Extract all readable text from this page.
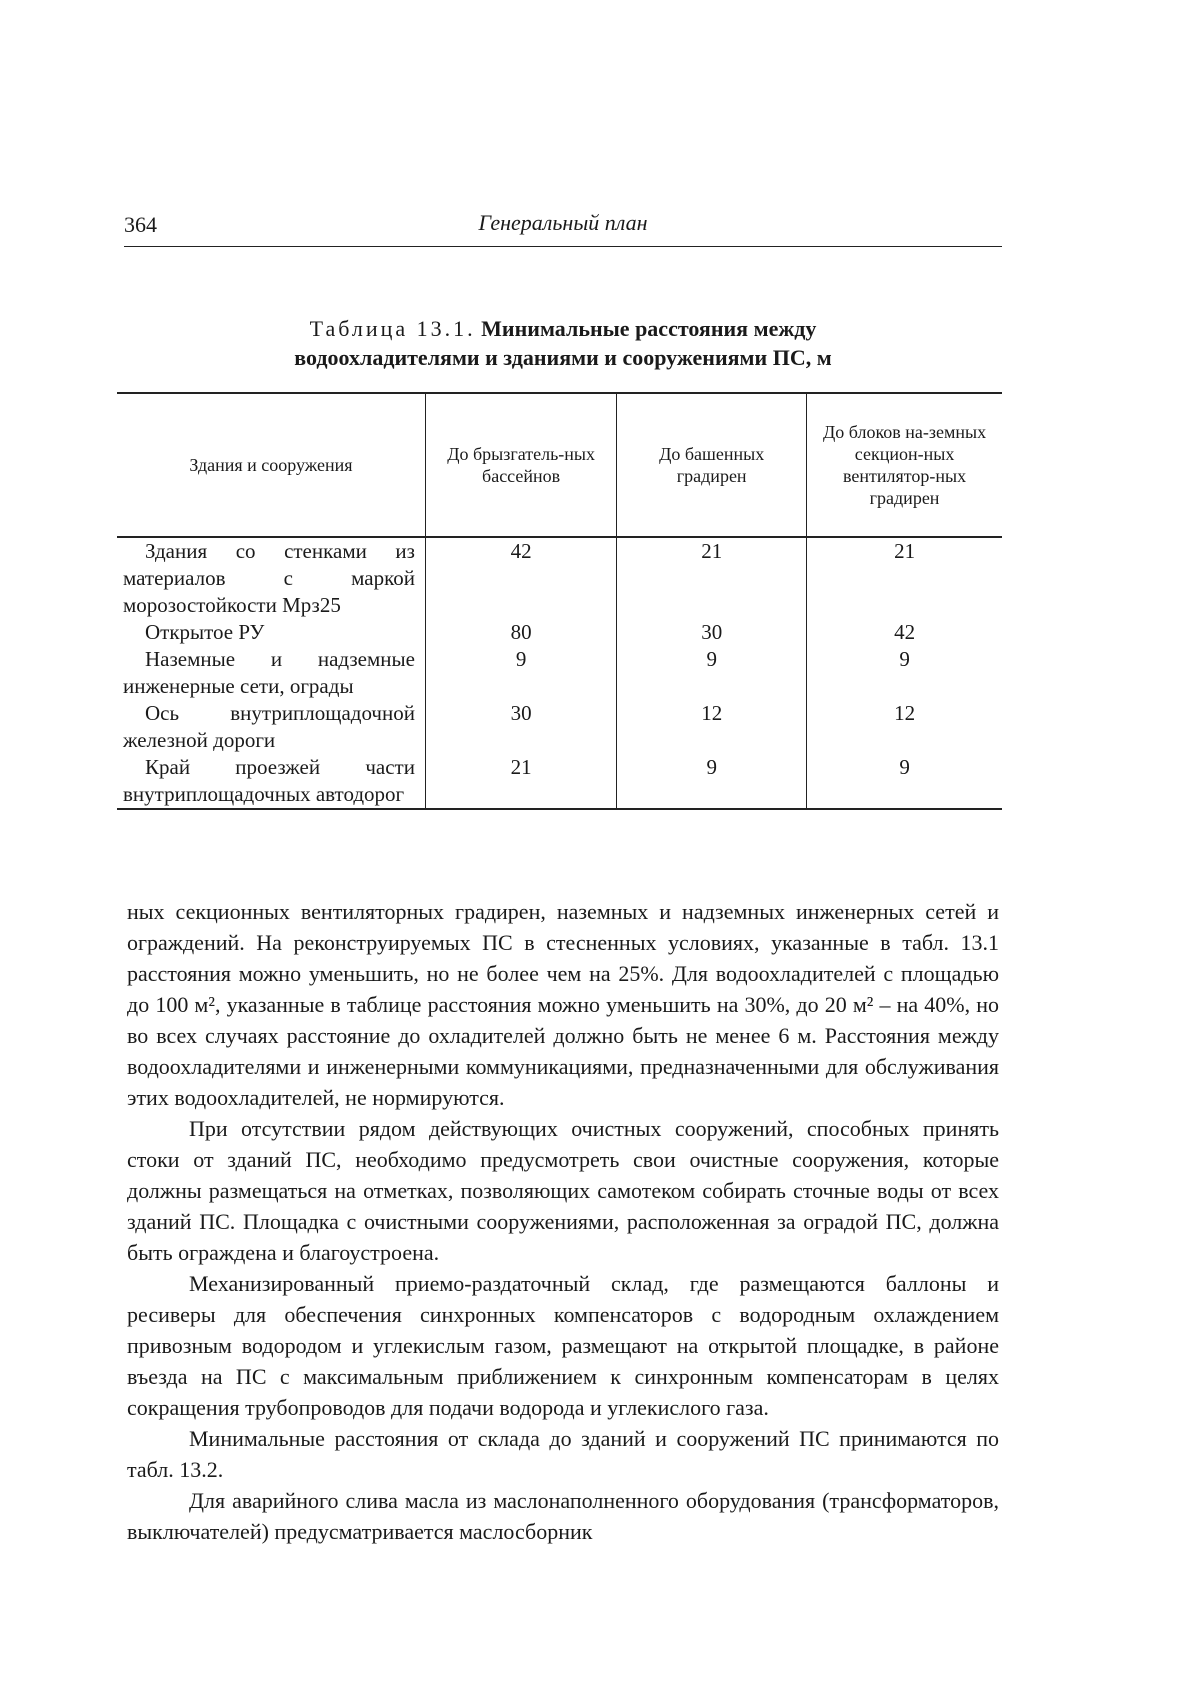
364	Генеральный план
Таблица 13.1. Минимальные расстояния между
водоохладителями и зданиями и сооружениями ПС, м
Здания и сооружения	До брызгатель-ных бассейнов	До башенных градирен	До блоков на-земных секцион-ных вентилятор-ных градирен
Здания со стенками из материалов с маркой морозостойкости Мрз25	42	21	21
Открытое РУ	80	30	42
Наземные и надземные инженерные сети, ограды	9	9	9
Ось внутриплощадочной железной дороги	30	12	12
Край проезжей части внутриплощадочных автодорог	21	9	9

ных секционных вентиляторных градирен, наземных и надземных инженерных сетей и ограждений. На реконструируемых ПС в стесненных условиях, указанные в табл. 13.1 расстояния можно уменьшить, но не более чем на 25%. Для водоохладителей с площадью до 100 м², указанные в таблице расстояния можно уменьшить на 30%, до 20 м² – на 40%, но во всех случаях расстояние до охладителей должно быть не менее 6 м. Расстояния между водоохладителями и инженерными коммуникациями, предназначенными для обслуживания этих водоохладителей, не нормируются.

При отсутствии рядом действующих очистных сооружений, способных принять стоки от зданий ПС, необходимо предусмотреть свои очистные сооружения, которые должны размещаться на отметках, позволяющих самотеком собирать сточные воды от всех зданий ПС. Площадка с очистными сооружениями, расположенная за оградой ПС, должна быть ограждена и благоустроена.

Механизированный приемо-раздаточный склад, где размещаются баллоны и ресиверы для обеспечения синхронных компенсаторов с водородным охлаждением привозным водородом и углекислым газом, размещают на открытой площадке, в районе въезда на ПС с максимальным приближением к синхронным компенсаторам в целях сокращения трубопроводов для подачи водорода и углекислого газа.

Минимальные расстояния от склада до зданий и сооружений ПС принимаются по табл. 13.2.

Для аварийного слива масла из маслонаполненного оборудования (трансформаторов, выключателей) предусматривается маслосборник
